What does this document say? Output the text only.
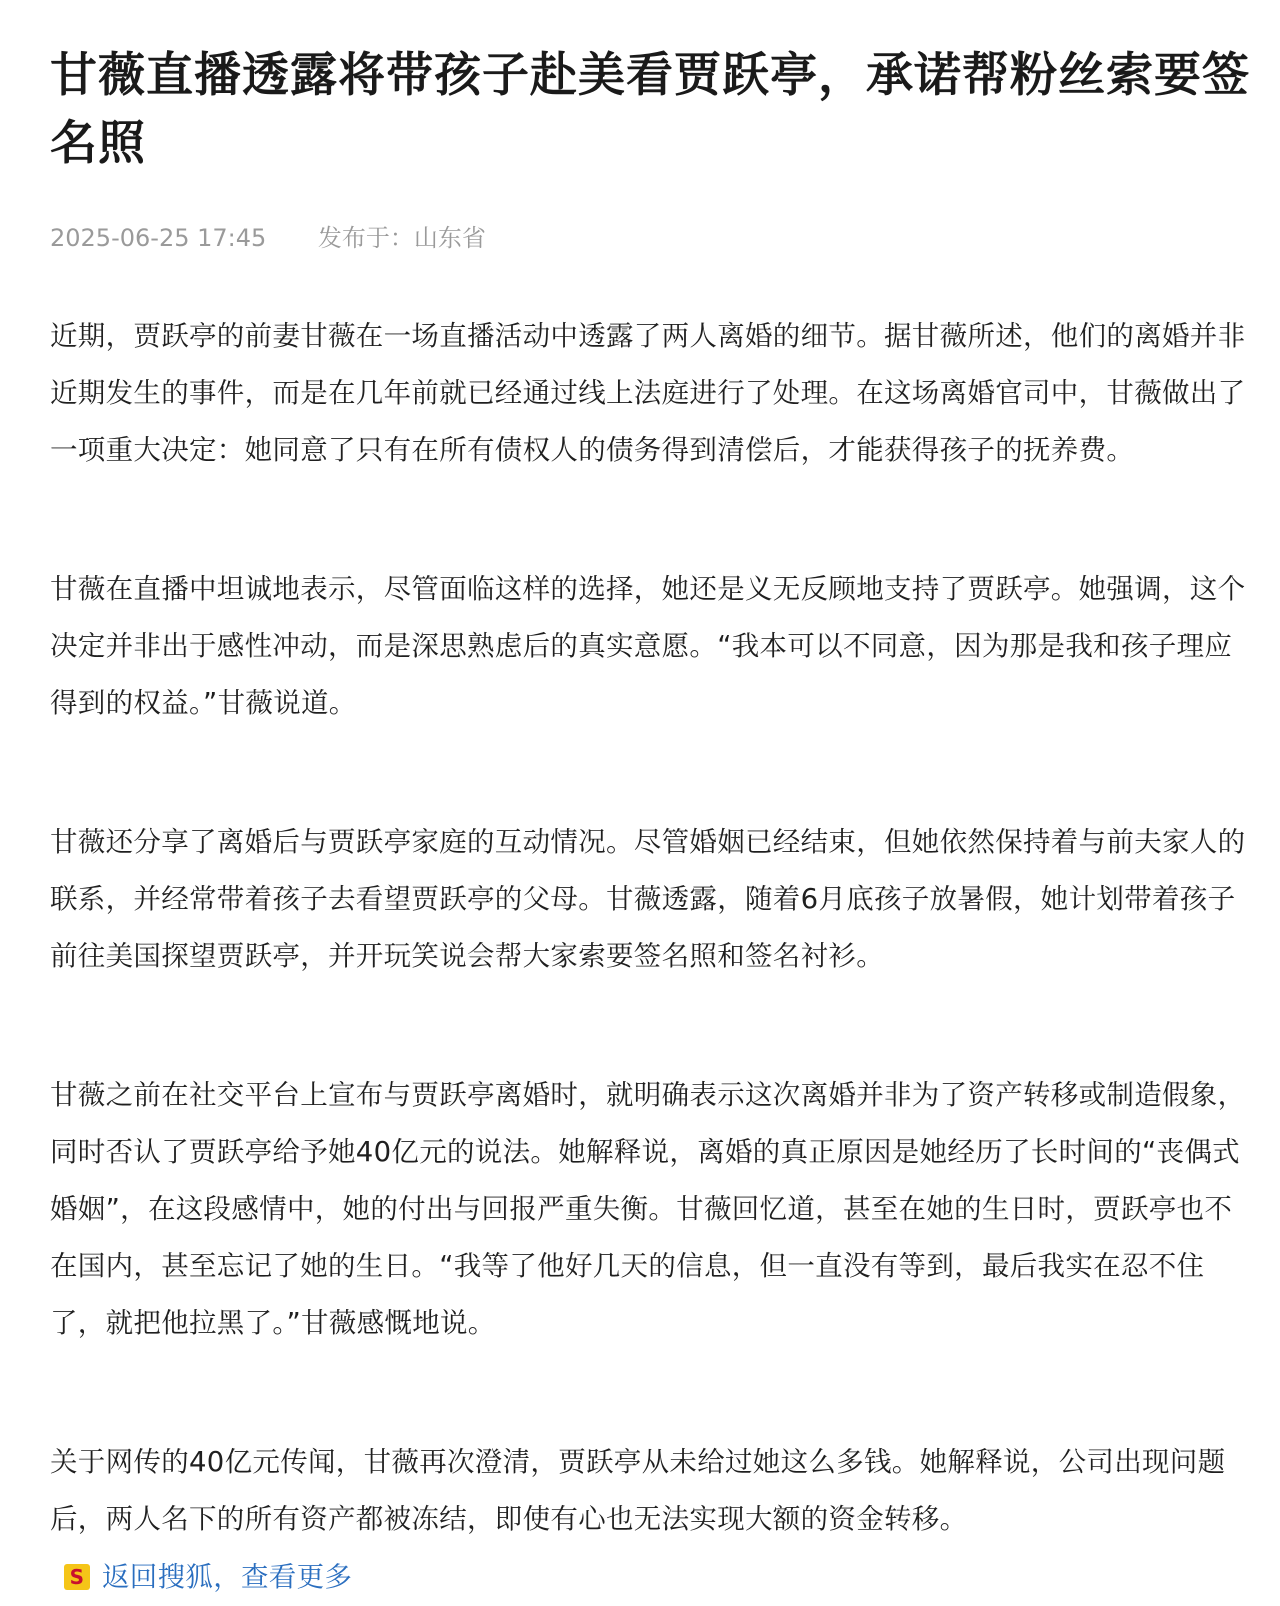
甘薇直播透露将带孩子赴美看贾跃亭，承诺帮粉丝索要签名照
2025-06-25 17:45 发布于：山东省

近期，贾跃亭的前妻甘薇在一场直播活动中透露了两人离婚的细节。据甘薇所述，他们的离婚并非近期发生的事件，而是在几年前就已经通过线上法庭进行了处理。在这场离婚官司中，甘薇做出了一项重大决定：她同意了只有在所有债权人的债务得到清偿后，才能获得孩子的抚养费。

甘薇在直播中坦诚地表示，尽管面临这样的选择，她还是义无反顾地支持了贾跃亭。她强调，这个决定并非出于感性冲动，而是深思熟虑后的真实意愿。“我本可以不同意，因为那是我和孩子理应得到的权益。”甘薇说道。

甘薇还分享了离婚后与贾跃亭家庭的互动情况。尽管婚姻已经结束，但她依然保持着与前夫家人的联系，并经常带着孩子去看望贾跃亭的父母。甘薇透露，随着6月底孩子放暑假，她计划带着孩子前往美国探望贾跃亭，并开玩笑说会帮大家索要签名照和签名衬衫。

甘薇之前在社交平台上宣布与贾跃亭离婚时，就明确表示这次离婚并非为了资产转移或制造假象，同时否认了贾跃亭给予她40亿元的说法。她解释说，离婚的真正原因是她经历了长时间的“丧偶式婚姻”，在这段感情中，她的付出与回报严重失衡。甘薇回忆道，甚至在她的生日时，贾跃亭也不在国内，甚至忘记了她的生日。“我等了他好几天的信息，但一直没有等到，最后我实在忍不住了，就把他拉黑了。”甘薇感慨地说。

关于网传的40亿元传闻，甘薇再次澄清，贾跃亭从未给过她这么多钱。她解释说，公司出现问题后，两人名下的所有资产都被冻结，即使有心也无法实现大额的资金转移。
S
返回搜狐，查看更多
